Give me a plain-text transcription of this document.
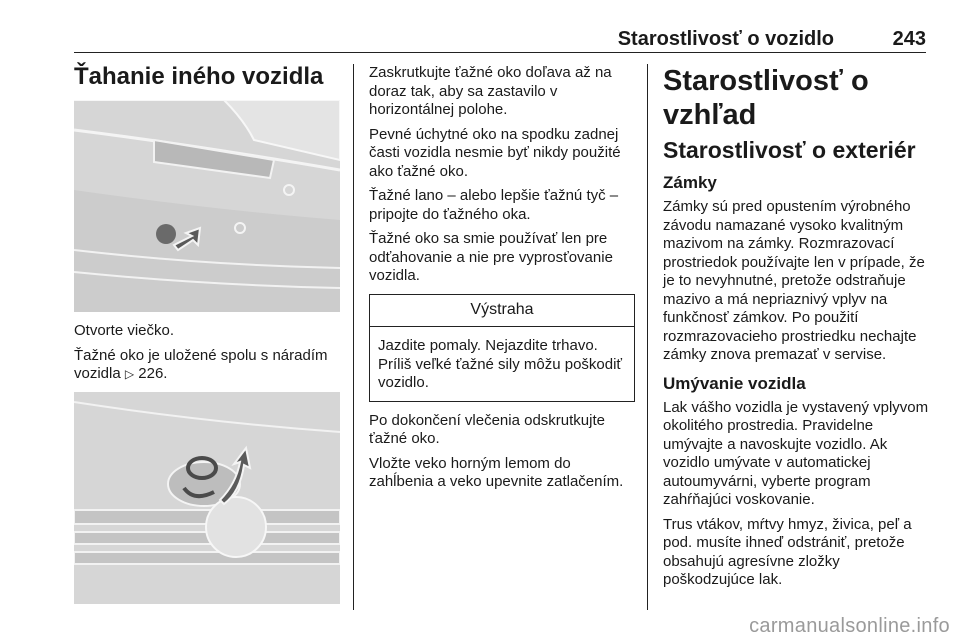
Starostlivosť o vozidlo	243
Ťahanie iného vozidla

Otvorte viečko.

Ťažné oko je uložené spolu s náradím vozidla ▷ 226.

Zaskrutkujte ťažné oko doľava až na doraz tak, aby sa zastavilo v horizontálnej polohe.

Pevné úchytné oko na spodku zadnej časti vozidla nesmie byť nikdy použité ako ťažné oko.

Ťažné lano – alebo lepšie ťažnú tyč – pripojte do ťažného oka.

Ťažné oko sa smie používať len pre odťahovanie a nie pre vyprosťovanie vozidla.

Výstraha
Jazdite pomaly. Nejazdite trhavo. Príliš veľké ťažné sily môžu poškodiť vozidlo.

Po dokončení vlečenia odskrutkujte ťažné oko.

Vložte veko horným lemom do zahĺbenia a veko upevnite zatlačením.

Starostlivosť o vzhľad
Starostlivosť o exteriér
Zámky

Zámky sú pred opustením výrobného závodu namazané vysoko kvalitným mazivom na zámky. Rozmrazovací prostriedok používajte len v prípade, že je to nevyhnutné, pretože odstraňuje mazivo a má nepriaznivý vplyv na funkčnosť zámkov. Po použití rozmrazovacieho prostriedku nechajte zámky znova premazať v servise.

Umývanie vozidla

Lak vášho vozidla je vystavený vplyvom okolitého prostredia. Pravidelne umývajte a navoskujte vozidlo. Ak vozidlo umývate v automatickej autoumyvárni, vyberte program zahŕňajúci voskovanie.

Trus vtákov, mŕtvy hmyz, živica, peľ a pod. musíte ihneď odstrániť, pretože obsahujú agresívne zložky poškodzujúce lak.

carmanualsonline.info
